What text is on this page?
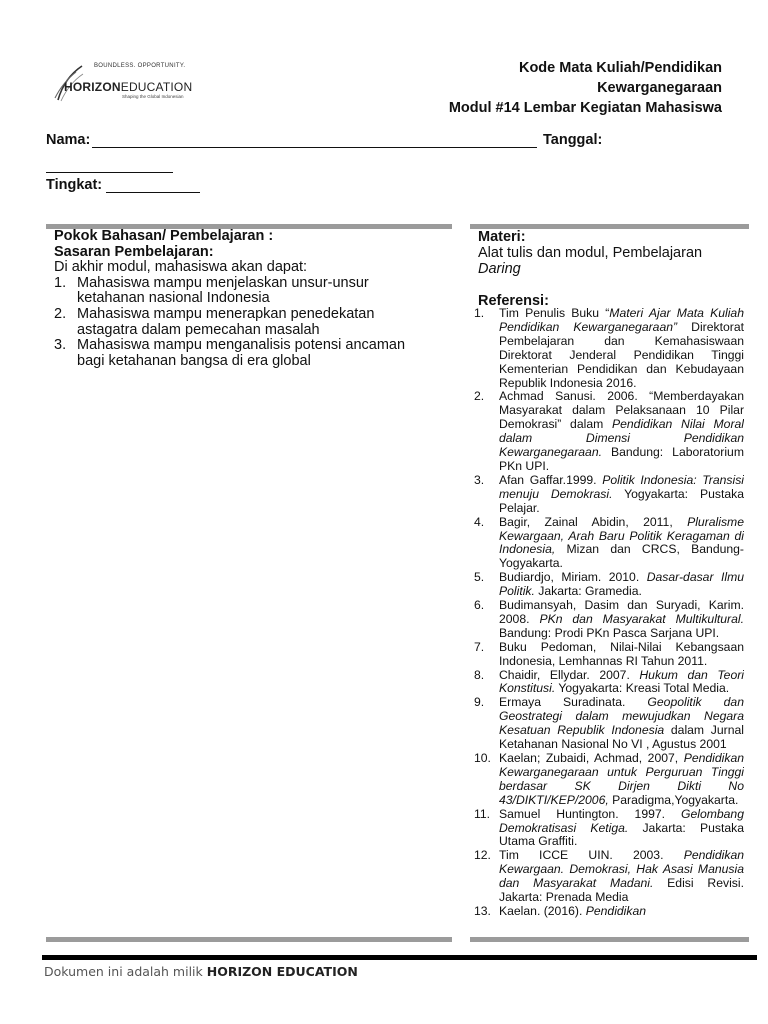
BOUNDLESS. OPPORTUNITY.
HORIZONEDUCATION
Shaping the Global Indonesian
Kode Mata Kuliah/Pendidikan
Kewarganegaraan
Modul #14 Lembar Kegiatan Mahasiswa
Nama:	Tanggal:
Tingkat:
Pokok Bahasan/ Pembelajaran :
Sasaran Pembelajaran:
Di akhir modul, mahasiswa akan dapat:
1. Mahasiswa mampu menjelaskan unsur-unsur ketahanan nasional Indonesia
2. Mahasiswa mampu menerapkan penedekatan astagatra dalam pemecahan masalah
3. Mahasiswa mampu menganalisis potensi ancaman bagi ketahanan bangsa di era global
Materi:
Alat tulis dan modul, Pembelajaran
Daring
Referensi:
1. Tim Penulis Buku “Materi Ajar Mata Kuliah Pendidikan Kewarganegaraan” Direktorat Pembelajaran dan Kemahasiswaan Direktorat Jenderal Pendidikan Tinggi Kementerian Pendidikan dan Kebudayaan Republik Indonesia 2016.
2. Achmad Sanusi. 2006. “Memberdayakan Masyarakat dalam Pelaksanaan 10 Pilar Demokrasi” dalam Pendidikan Nilai Moral dalam Dimensi Pendidikan Kewarganegaraan. Bandung: Laboratorium PKn UPI.
3. Afan Gaffar.1999. Politik Indonesia: Transisi menuju Demokrasi. Yogyakarta: Pustaka Pelajar.
4. Bagir, Zainal Abidin, 2011, Pluralisme Kewargaan, Arah Baru Politik Keragaman di Indonesia, Mizan dan CRCS, Bandung-Yogyakarta.
5. Budiardjo, Miriam. 2010. Dasar-dasar Ilmu Politik. Jakarta: Gramedia.
6. Budimansyah, Dasim dan Suryadi, Karim. 2008. PKn dan Masyarakat Multikultural. Bandung: Prodi PKn Pasca Sarjana UPI.
7. Buku Pedoman, Nilai-Nilai Kebangsaan Indonesia, Lemhannas RI Tahun 2011.
8. Chaidir, Ellydar. 2007. Hukum dan Teori Konstitusi. Yogyakarta: Kreasi Total Media.
9. Ermaya Suradinata. Geopolitik dan Geostrategi dalam mewujudkan Negara Kesatuan Republik Indonesia dalam Jurnal Ketahanan Nasional No VI , Agustus 2001
10. Kaelan; Zubaidi, Achmad, 2007, Pendidikan Kewarganegaraan untuk Perguruan Tinggi berdasar SK Dirjen Dikti No 43/DIKTI/KEP/2006, Paradigma,Yogyakarta.
11. Samuel Huntington. 1997. Gelombang Demokratisasi Ketiga. Jakarta: Pustaka Utama Graffiti.
12. Tim ICCE UIN. 2003. Pendidikan Kewargaan. Demokrasi, Hak Asasi Manusia dan Masyarakat Madani. Edisi Revisi. Jakarta: Prenada Media
13. Kaelan. (2016). Pendidikan
Dokumen ini adalah milik HORIZON EDUCATION
